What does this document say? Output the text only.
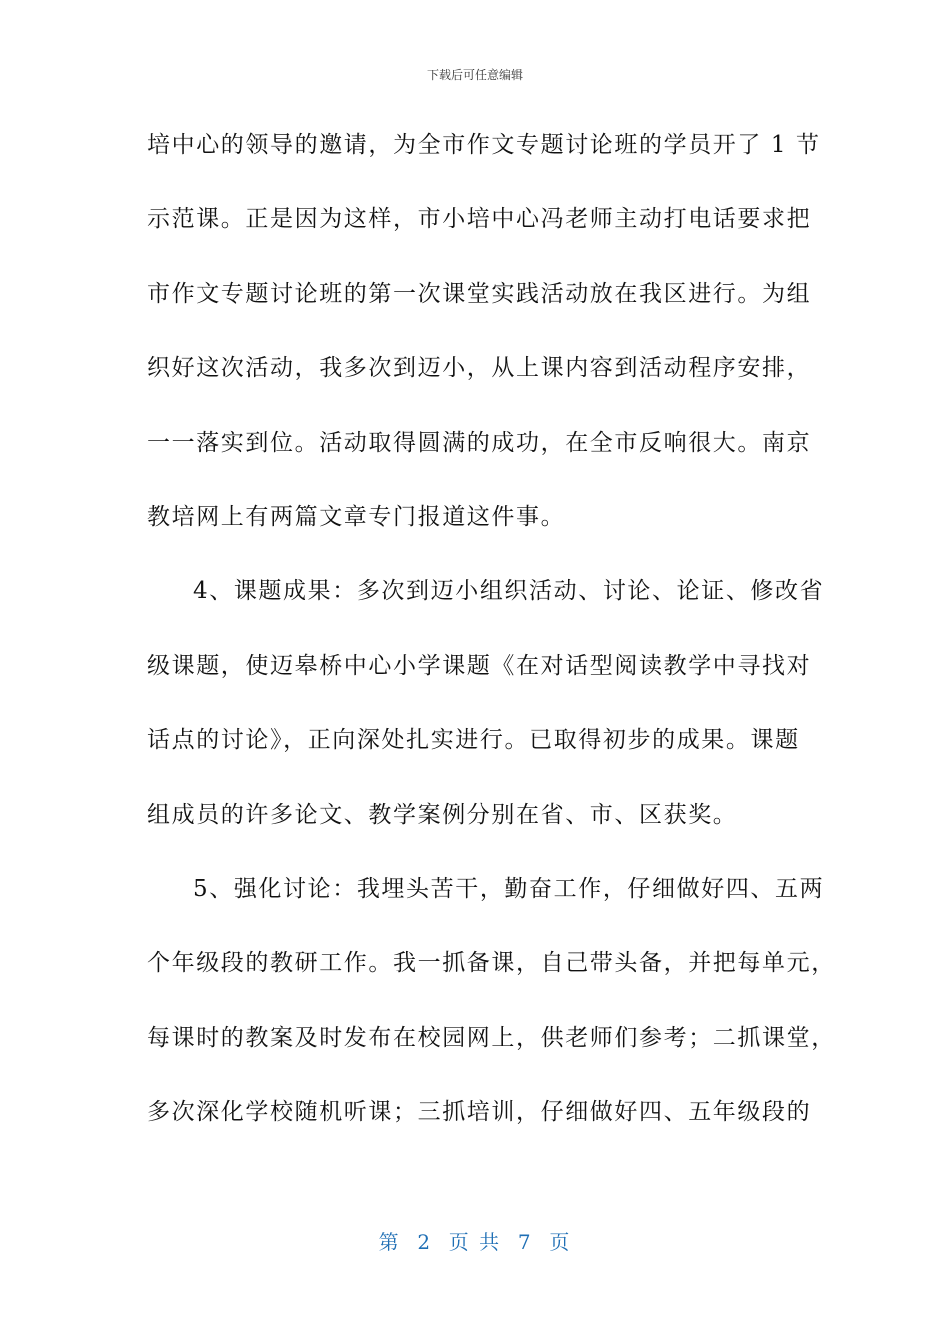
下载后可任意编辑
培中心的领导的邀请，为全市作文专题讨论班的学员开了 1 节
示范课。正是因为这样，市小培中心冯老师主动打电话要求把
市作文专题讨论班的第一次课堂实践活动放在我区进行。为组
织好这次活动，我多次到迈小，从上课内容到活动程序安排，
一一落实到位。活动取得圆满的成功，在全市反响很大。南京
教培网上有两篇文章专门报道这件事。
4、课题成果：多次到迈小组织活动、讨论、论证、修改省
级课题，使迈皋桥中心小学课题《在对话型阅读教学中寻找对
话点的讨论》，正向深处扎实进行。已取得初步的成果。课题
组成员的许多论文、教学案例分别在省、市、区获奖。
5、强化讨论：我埋头苦干，勤奋工作，仔细做好四、五两
个年级段的教研工作。我一抓备课，自己带头备，并把每单元，
每课时的教案及时发布在校园网上，供老师们参考；二抓课堂，
多次深化学校随机听课；三抓培训，仔细做好四、五年级段的
第  2  页 共  7  页
